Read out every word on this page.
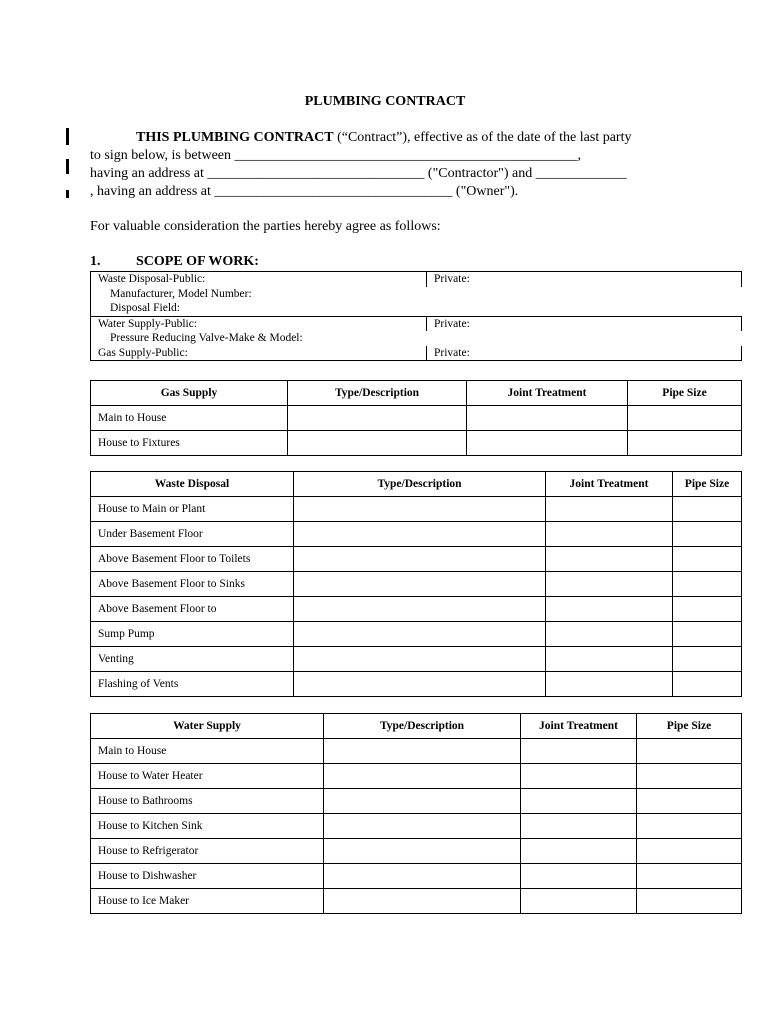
PLUMBING CONTRACT

THIS PLUMBING CONTRACT (“Contract”), effective as of the date of the last party

to sign below, is between _________________________________________________,

having an address at _______________________________ ("Contractor") and _____________

, having an address at __________________________________ ("Owner").

For valuable consideration the parties hereby agree as follows:
1.	SCOPE OF WORK:
Waste Disposal-Public:	Private:
Manufacturer, Model Number:	
Disposal Field:	
Water Supply-Public:	Private:
Pressure Reducing Valve-Make & Model:	
Gas Supply-Public:	Private:
Gas Supply	Type/Description	Joint Treatment	Pipe Size
Main to House			
House to Fixtures			
Waste Disposal	Type/Description	Joint Treatment	Pipe Size
House to Main or Plant			
Under Basement Floor			
Above Basement Floor to Toilets			
Above Basement Floor to Sinks			
Above Basement Floor to			
Sump Pump			
Venting			
Flashing of Vents			
Water Supply	Type/Description	Joint Treatment	Pipe Size
Main to House			
House to Water Heater			
House to Bathrooms			
House to Kitchen Sink			
House to Refrigerator			
House to Dishwasher			
House to Ice Maker			
